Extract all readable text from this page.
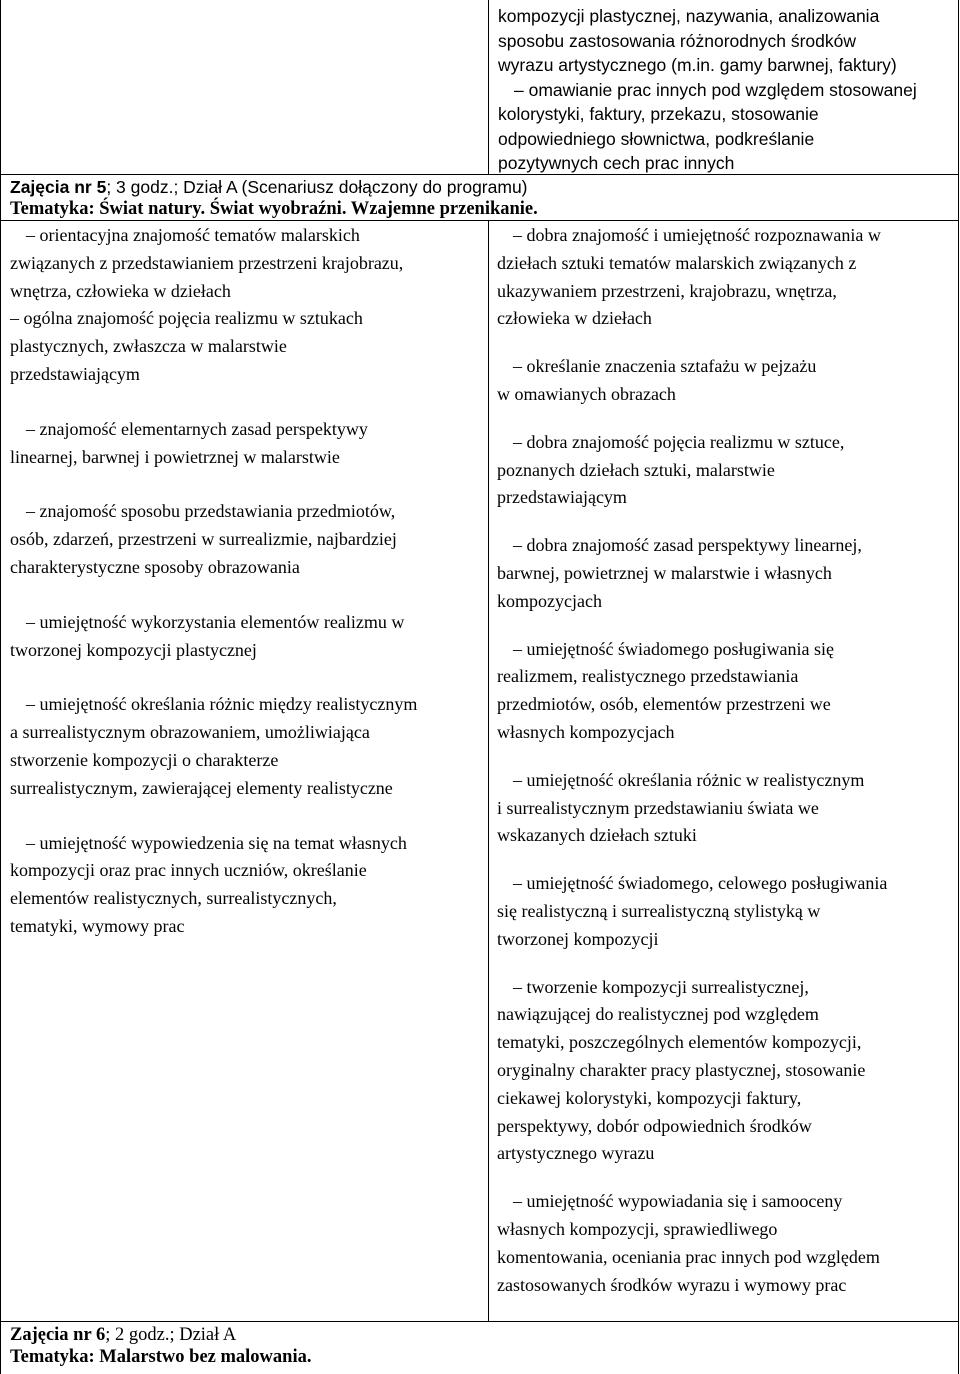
kompozycji plastycznej, nazywania, analizowania
sposobu zastosowania różnorodnych środków
wyrazu artystycznego (m.in. gamy barwnej, faktury)
– omawianie prac innych pod względem stosowanej
kolorystyki, faktury, przekazu, stosowanie
odpowiedniego słownictwa, podkreślanie
pozytywnych cech prac innych
Zajęcia nr 5; 3 godz.; Dział A (Scenariusz dołączony do programu)
Tematyka: Świat natury. Świat wyobraźni. Wzajemne przenikanie.
– orientacyjna znajomość tematów malarskich
związanych z przedstawianiem przestrzeni krajobrazu,
wnętrza, człowieka w dziełach
– ogólna znajomość pojęcia realizmu w sztukach
plastycznych, zwłaszcza w malarstwie
przedstawiającym
– znajomość elementarnych zasad perspektywy
linearnej, barwnej i powietrznej w malarstwie
– znajomość sposobu przedstawiania przedmiotów,
osób, zdarzeń, przestrzeni w surrealizmie, najbardziej
charakterystyczne sposoby obrazowania
– umiejętność wykorzystania elementów realizmu w
tworzonej kompozycji plastycznej
– umiejętność określania różnic między realistycznym
a surrealistycznym obrazowaniem, umożliwiająca
stworzenie kompozycji o charakterze
surrealistycznym, zawierającej elementy realistyczne
– umiejętność wypowiedzenia się na temat własnych
kompozycji oraz prac innych uczniów, określanie
elementów realistycznych, surrealistycznych,
tematyki, wymowy prac
– dobra znajomość i umiejętność rozpoznawania w
dziełach sztuki tematów malarskich związanych z
ukazywaniem przestrzeni, krajobrazu, wnętrza,
człowieka w dziełach
– określanie znaczenia sztafażu w pejzażu
w omawianych obrazach
– dobra znajomość pojęcia realizmu w sztuce,
poznanych dziełach sztuki, malarstwie
przedstawiającym
– dobra znajomość zasad perspektywy linearnej,
barwnej, powietrznej w malarstwie i własnych
kompozycjach
– umiejętność świadomego posługiwania się
realizmem, realistycznego przedstawiania
przedmiotów, osób, elementów przestrzeni we
własnych kompozycjach
– umiejętność określania różnic w realistycznym
i surrealistycznym przedstawianiu świata we
wskazanych dziełach sztuki
– umiejętność świadomego, celowego posługiwania
się realistyczną i surrealistyczną stylistyką w
tworzonej kompozycji
– tworzenie kompozycji surrealistycznej,
nawiązującej do realistycznej pod względem
tematyki, poszczególnych elementów kompozycji,
oryginalny charakter pracy plastycznej, stosowanie
ciekawej kolorystyki, kompozycji faktury,
perspektywy, dobór odpowiednich środków
artystycznego wyrazu
– umiejętność wypowiadania się i samooceny
własnych kompozycji, sprawiedliwego
komentowania, oceniania prac innych pod względem
zastosowanych środków wyrazu i wymowy prac
Zajęcia nr 6; 2 godz.; Dział A
Tematyka: Malarstwo bez malowania.
